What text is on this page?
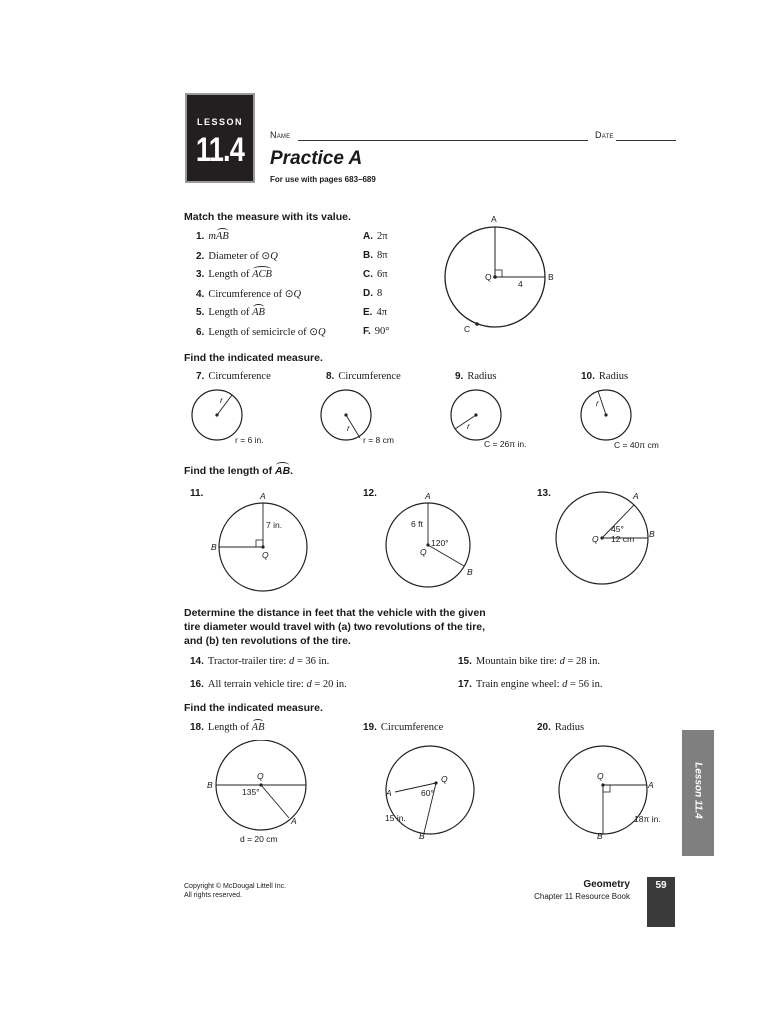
LESSON
11.4	Name	Date
Practice A
For use with pages 683–689
Match the measure with its value.
1. mAB
2. Diameter of ⊙Q
3. Length of ACB
4. Circumference of ⊙Q
5. Length of AB
6. Length of semicircle of ⊙Q
A. 2π
B. 8π
C. 6π
D. 8
E. 4π
F. 90°
A
B
C
Q
4
Find the indicated measure.
7. Circumference	8. Circumference	9. Radius	10. Radius
r
r = 6 in.
r
r = 8 cm
r
C = 26π in.
r
C = 40π cm
Find the length of AB.
11.	A
B
Q
7 in.
12.	A
B
Q
6 ft
120°
13.	A
B
Q 12 cm
45°
Determine the distance in feet that the vehicle with the given
tire diameter would travel with (a) two revolutions of the tire,
and (b) ten revolutions of the tire.
14. Tractor-trailer tire: d = 36 in.	15. Mountain bike tire: d = 28 in.
16. All terrain vehicle tire: d = 20 in.	17. Train engine wheel: d = 56 in.
Find the indicated measure.
18. Length of AB
Q
B
A
135°
d = 20 cm
19. Circumference
Q
A
B
60°
15 in.
20. Radius
Q
A
B
18π in.
Lesson 11.4
Copyright © McDougal Littell Inc.
All rights reserved.
Geometry
Chapter 11 Resource Book
59
